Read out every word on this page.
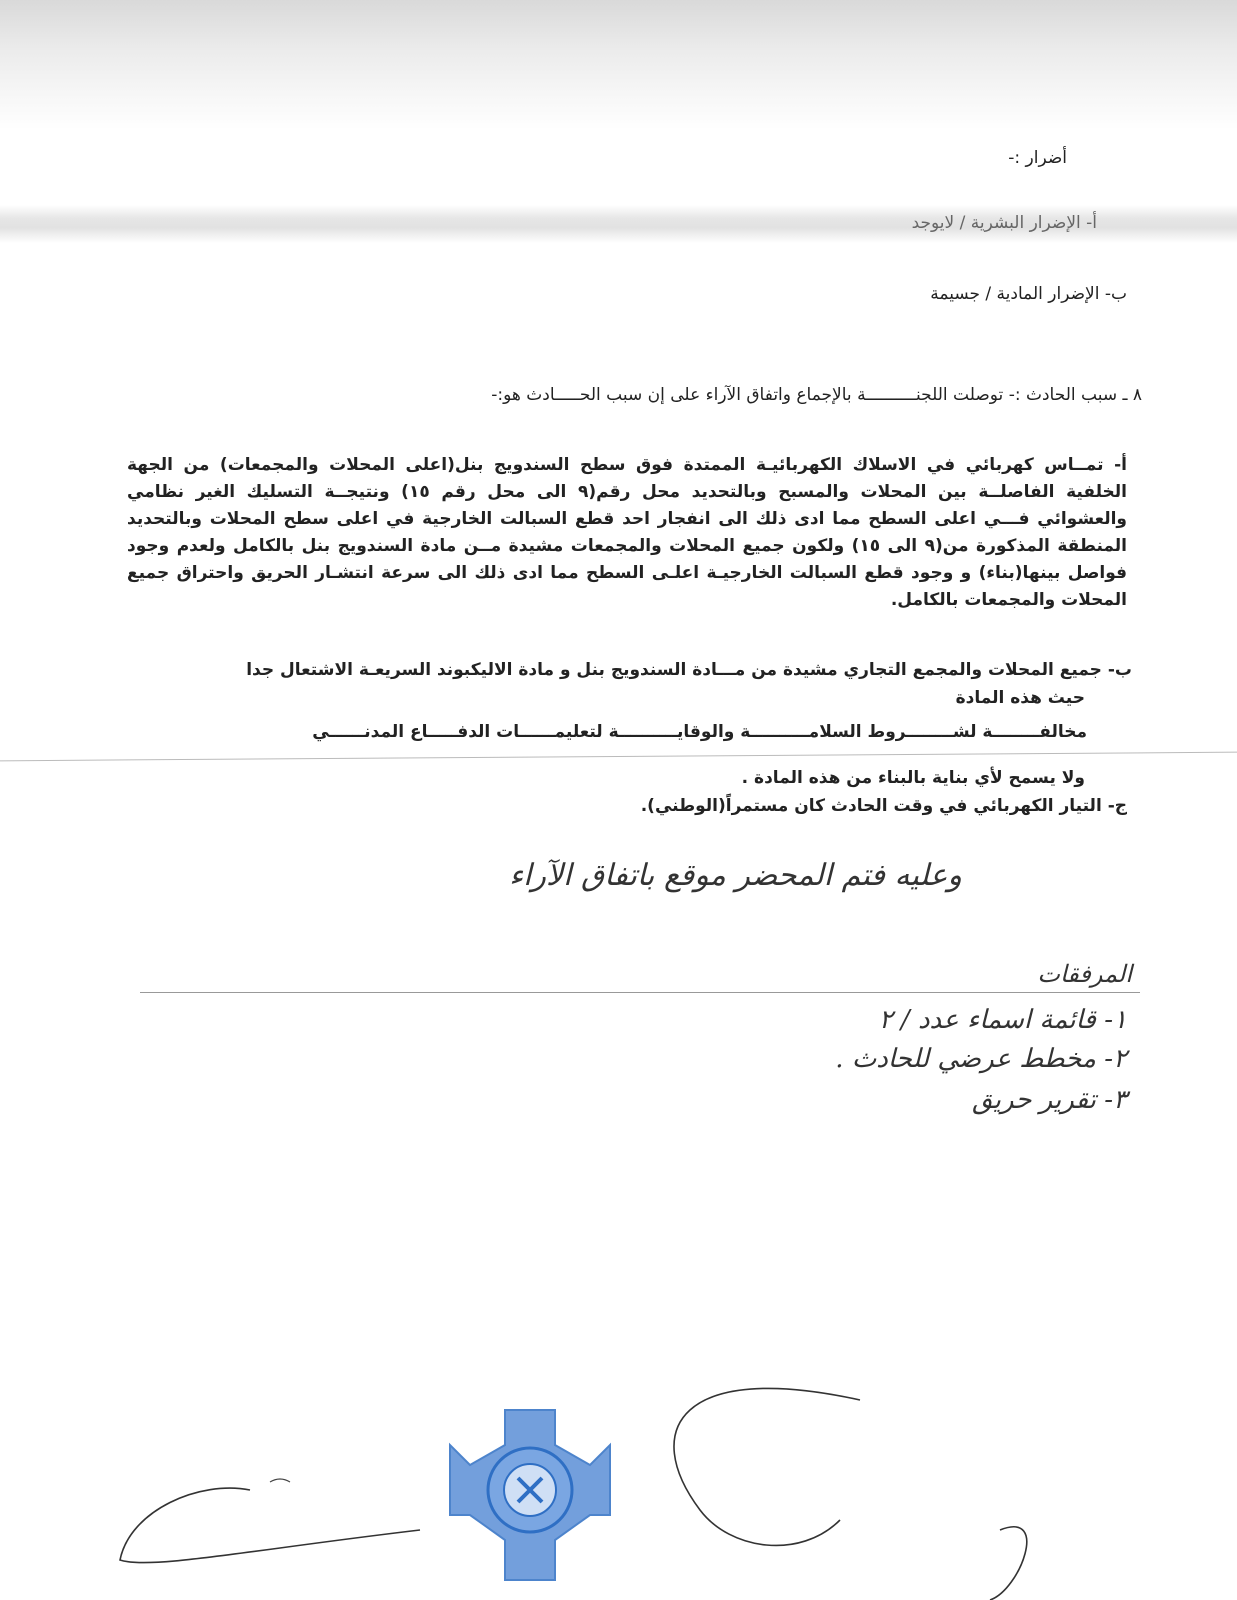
أضرار :-
أ- الإضرار البشرية / لايوجد
ب- الإضرار المادية / جسيمة
٨ ـ سبب الحادث :- توصلت اللجنــــــــــة بالإجماع واتفاق الآراء على إن سبب الحـــــادث هو:-
أ- تمــاس كهربائي في الاسلاك الكهربائيـة الممتدة فوق سطح السندويج بنل(اعلى المحلات والمجمعات) من الجهة الخلفية الفاصلــة بين المحلات والمسبح وبالتحديد محل رقم(٩ الى محل رقم ١٥) ونتيجــة التسليك الغير نظامي والعشوائي فـــي اعلى السطح مما ادى ذلك الى انفجار احد قطع السبالت الخارجية في اعلى سطح المحلات وبالتحديد المنطقة المذكورة من(٩ الى ١٥) ولكون جميع المحلات والمجمعات مشيدة مــن مادة السندويج بنل بالكامل ولعدم وجود فواصل بينها(بناء) و وجود قطع السبالت الخارجيـة اعلـى السطح مما ادى ذلك الى سرعة انتشـار الحريق واحتراق جميع المحلات والمجمعات بالكامل.
ب- جميع المحلات والمجمع التجاري مشيدة من مـــادة السندويج بنل و مادة الاليكبوند السريعـة الاشتعال جدا
حيث هذه المادة
مخالفــــــــة لشــــــــروط السلامــــــــــة والوقايــــــــــة لتعليمــــــات الدفـــــاع المدنــــــي
ولا يسمح لأي بناية بالبناء من هذه المادة .
ج- التيار الكهربائي في وقت الحادث كان مستمراً(الوطني).
وعليه فتم المحضر موقع باتفاق الآراء
المرفقات
١- قائمة اسماء عدد / ٢
٢- مخطط عرضي للحادث .
٣- تقرير حريق
